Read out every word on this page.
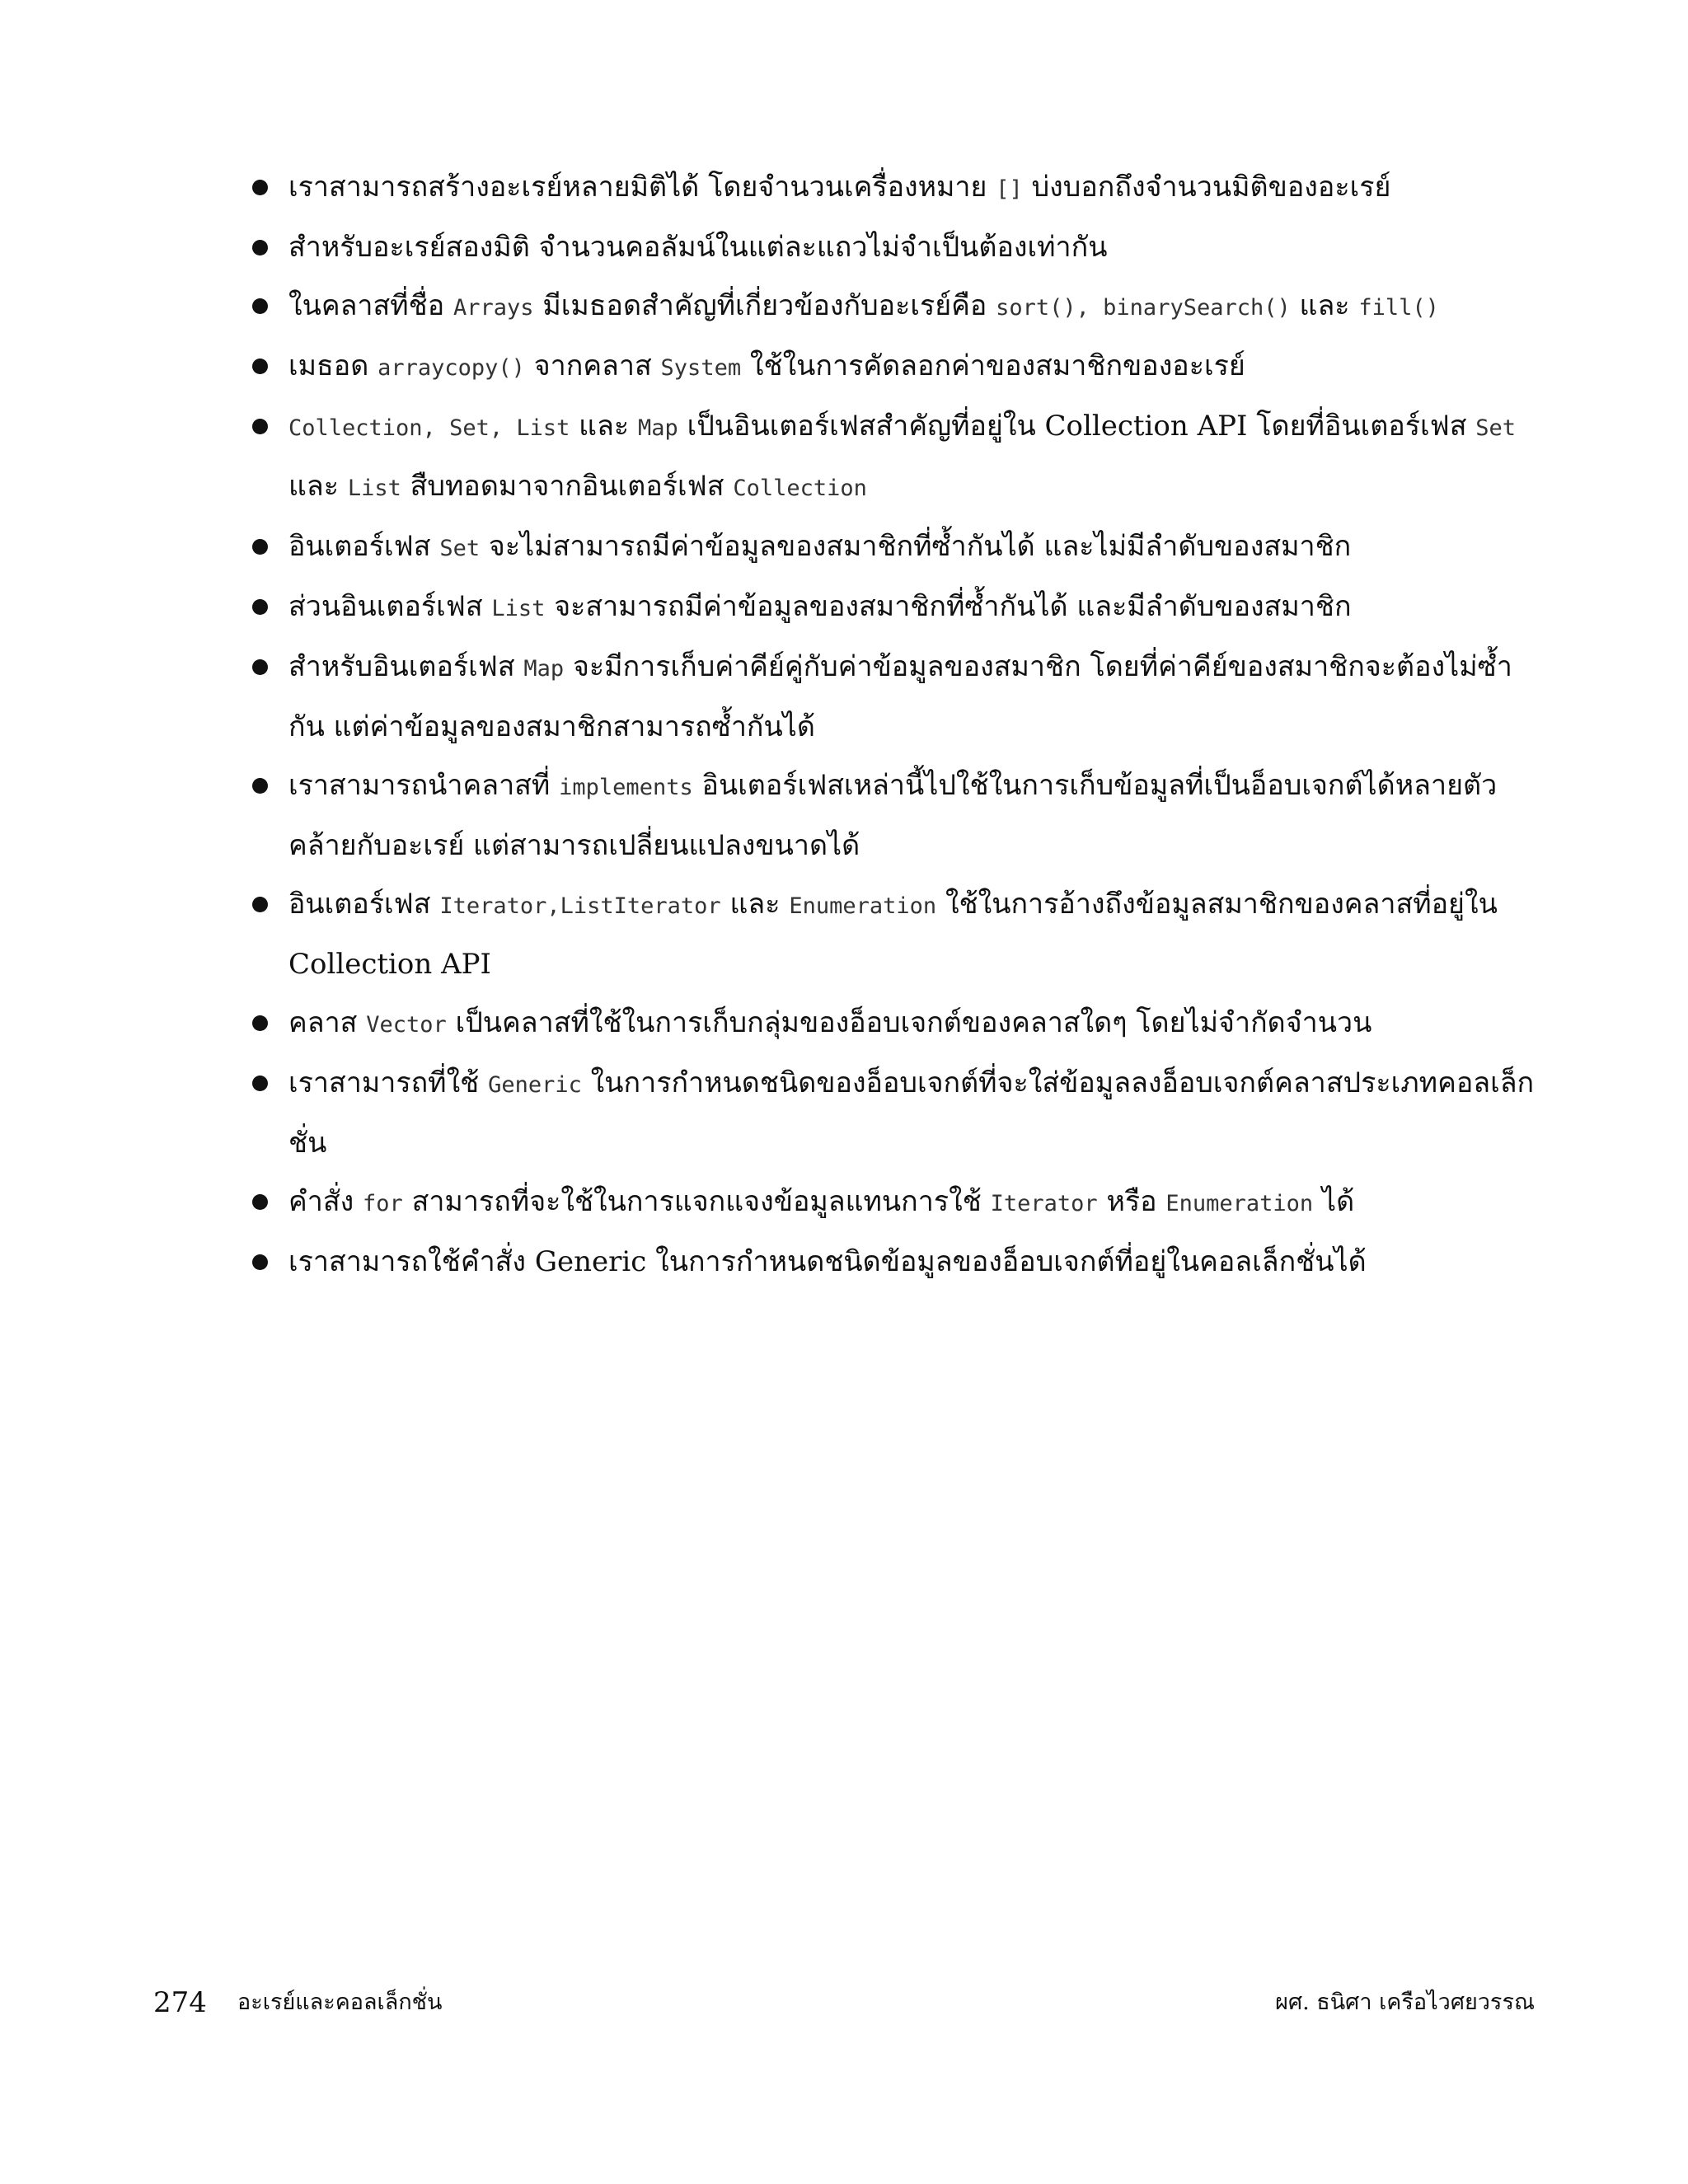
เราสามารถสร้างอะเรย์หลายมิติได้ โดยจำนวนเครื่องหมาย [] บ่งบอกถึงจำนวนมิติของอะเรย์
สำหรับอะเรย์สองมิติ จำนวนคอลัมน์ในแต่ละแถวไม่จำเป็นต้องเท่ากัน
ในคลาสที่ชื่อ Arrays มีเมธอดสำคัญที่เกี่ยวข้องกับอะเรย์คือ sort(), binarySearch() และ fill()
เมธอด arraycopy() จากคลาส System ใช้ในการคัดลอกค่าของสมาชิกของอะเรย์
Collection, Set, List และ Map เป็นอินเตอร์เฟสสำคัญที่อยู่ใน Collection API โดยที่อินเตอร์เฟส Set และ List สืบทอดมาจากอินเตอร์เฟส Collection
อินเตอร์เฟส Set จะไม่สามารถมีค่าข้อมูลของสมาชิกที่ซ้ำกันได้ และไม่มีลำดับของสมาชิก
ส่วนอินเตอร์เฟส List จะสามารถมีค่าข้อมูลของสมาชิกที่ซ้ำกันได้ และมีลำดับของสมาชิก
สำหรับอินเตอร์เฟส Map จะมีการเก็บค่าคีย์คู่กับค่าข้อมูลของสมาชิก โดยที่ค่าคีย์ของสมาชิกจะต้องไม่ซ้ำกัน แต่ค่าข้อมูลของสมาชิกสามารถซ้ำกันได้
เราสามารถนำคลาสที่ implements อินเตอร์เฟสเหล่านี้ไปใช้ในการเก็บข้อมูลที่เป็นอ็อบเจกต์ได้หลายตัว คล้ายกับอะเรย์ แต่สามารถเปลี่ยนแปลงขนาดได้
อินเตอร์เฟส Iterator,ListIterator และ Enumeration ใช้ในการอ้างถึงข้อมูลสมาชิกของคลาสที่อยู่ใน Collection API
คลาส Vector เป็นคลาสที่ใช้ในการเก็บกลุ่มของอ็อบเจกต์ของคลาสใดๆ โดยไม่จำกัดจำนวน
เราสามารถที่ใช้ Generic ในการกำหนดชนิดของอ็อบเจกต์ที่จะใส่ข้อมูลลงอ็อบเจกต์คลาสประเภทคอลเล็กชั่น
คำสั่ง for สามารถที่จะใช้ในการแจกแจงข้อมูลแทนการใช้ Iterator หรือ Enumeration ได้
เราสามารถใช้คำสั่ง Generic ในการกำหนดชนิดข้อมูลของอ็อบเจกต์ที่อยู่ในคอลเล็กชั่นได้
274 อะเรย์และคอลเล็กชั่น	ผศ. ธนิศา เครือไวศยวรรณ
